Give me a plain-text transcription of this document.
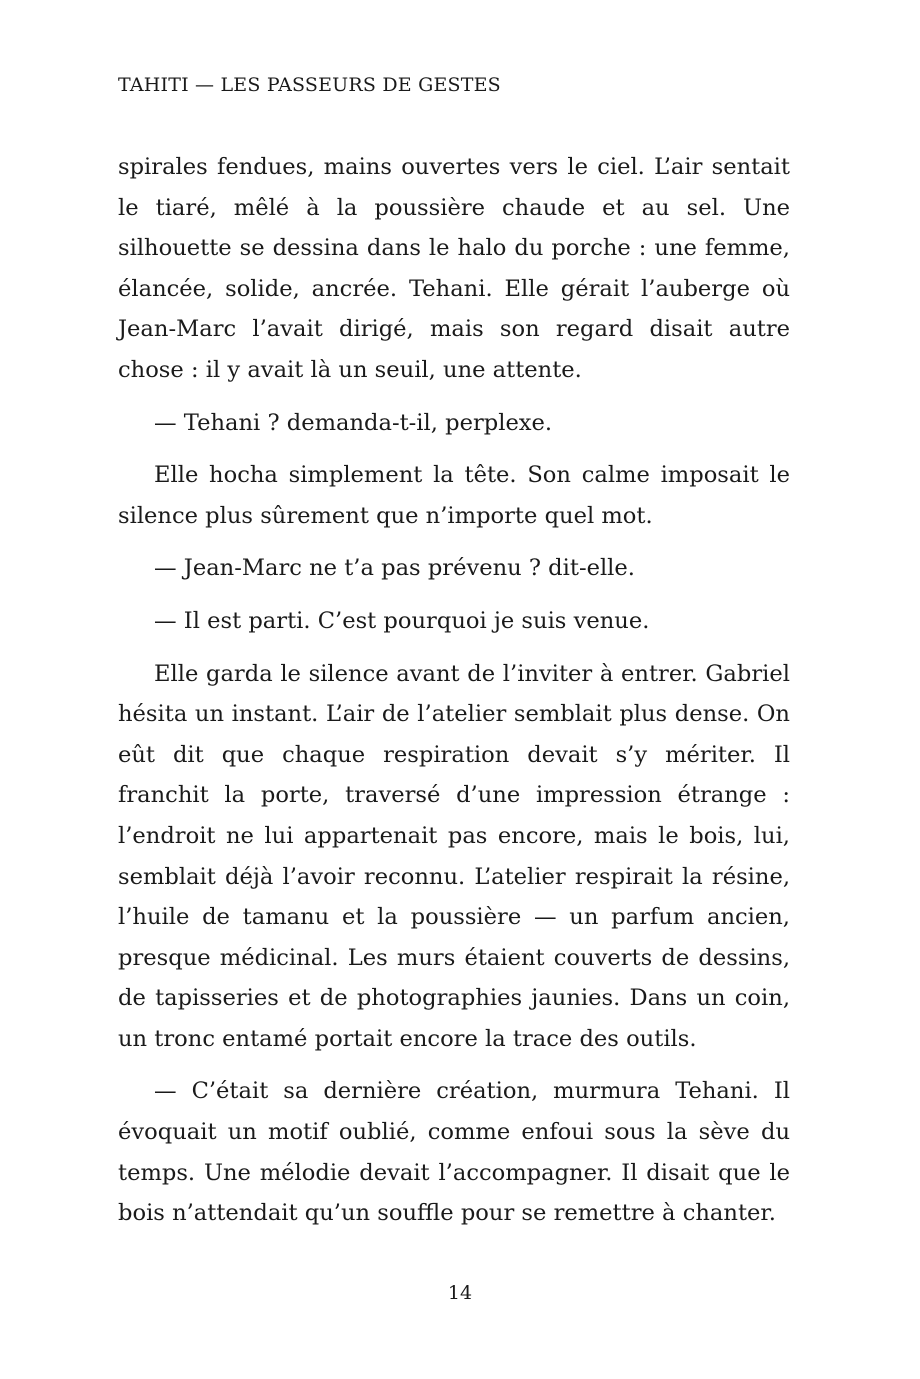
TAHITI — LES PASSEURS DE GESTES

spirales fendues, mains ouvertes vers le ciel. L’air sentait le tiaré, mêlé à la poussière chaude et au sel. Une silhouette se dessina dans le halo du porche : une femme, élancée, solide, ancrée. Tehani. Elle gérait l’auberge où Jean-Marc l’avait dirigé, mais son regard disait autre chose : il y avait là un seuil, une attente.

— Tehani ? demanda-t-il, perplexe.

Elle hocha simplement la tête. Son calme imposait le silence plus sûrement que n’importe quel mot.

— Jean-Marc ne t’a pas prévenu ? dit-elle.

— Il est parti. C’est pourquoi je suis venue.

Elle garda le silence avant de l’inviter à entrer. Gabriel hésita un instant. L’air de l’atelier semblait plus dense. On eût dit que chaque respiration devait s’y mériter. Il franchit la porte, traversé d’une impression étrange : l’endroit ne lui appartenait pas encore, mais le bois, lui, semblait déjà l’avoir reconnu. L’atelier respirait la résine, l’huile de tamanu et la poussière — un parfum ancien, presque médicinal. Les murs étaient couverts de dessins, de tapisseries et de photographies jaunies. Dans un coin, un tronc entamé portait encore la trace des outils.

— C’était sa dernière création, murmura Tehani. Il évoquait un motif oublié, comme enfoui sous la sève du temps. Une mélodie devait l’accompagner. Il disait que le bois n’attendait qu’un souffle pour se remettre à chanter.

14
